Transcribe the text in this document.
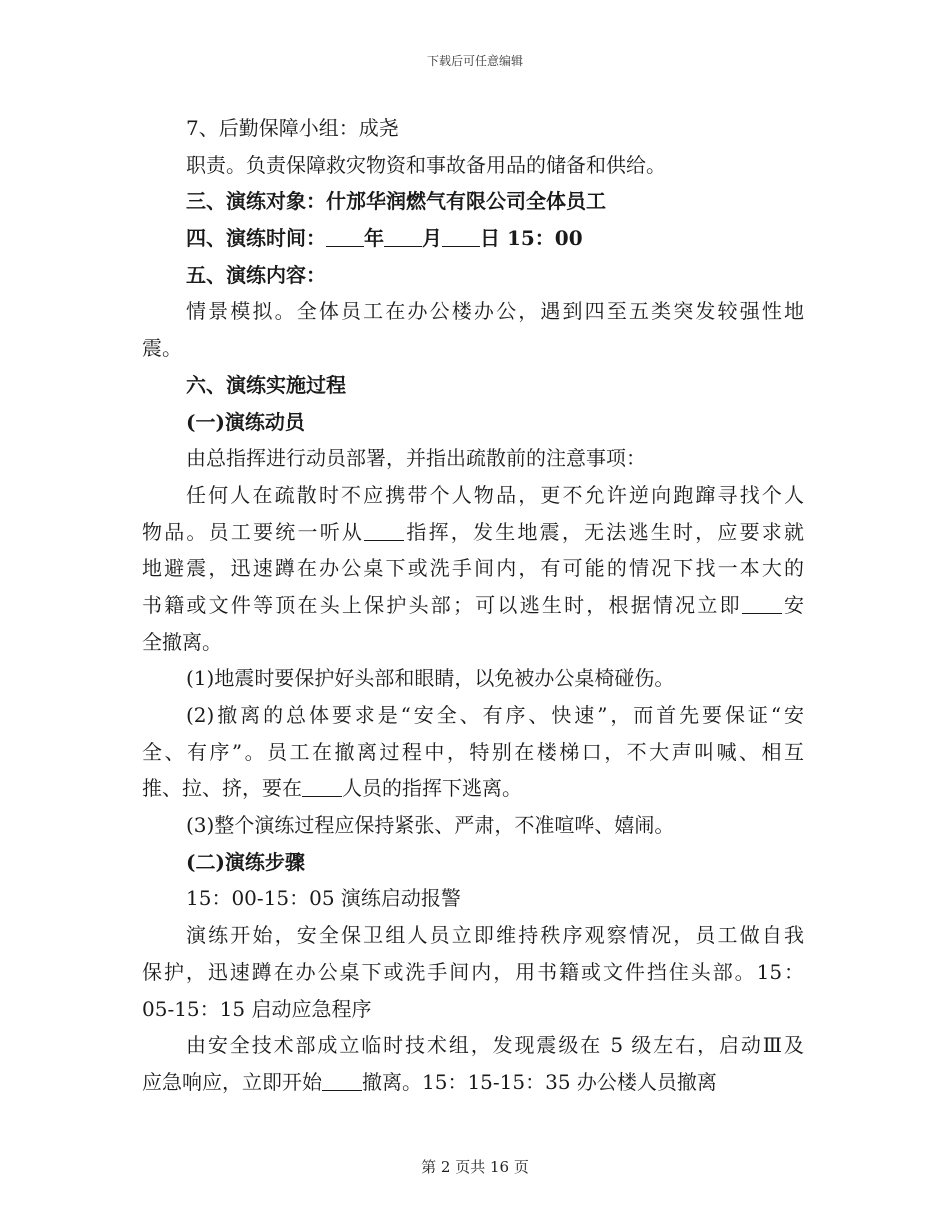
下载后可任意编辑
7、后勤保障小组：成尧
职责。负责保障救灾物资和事故备用品的储备和供给。
三、演练对象：什邡华润燃气有限公司全体员工
四、演练时间： 年 月 日 15：00
五、演练内容：
情景模拟。全体员工在办公楼办公，遇到四至五类突发较强性地
震。
六、演练实施过程
(一)演练动员
由总指挥进行动员部署，并指出疏散前的注意事项：
任何人在疏散时不应携带个人物品，更不允许逆向跑蹿寻找个人
物品。员工要统一听从 指挥，发生地震，无法逃生时，应要求就
地避震，迅速蹲在办公桌下或洗手间内，有可能的情况下找一本大的
书籍或文件等顶在头上保护头部；可以逃生时，根据情况立即 安
全撤离。
(1)地震时要保护好头部和眼睛，以免被办公桌椅碰伤。
(2)撤离的总体要求是“安全、有序、快速”，而首先要保证“安
全、有序”。员工在撤离过程中，特别在楼梯口，不大声叫喊、相互
推、拉、挤，要在 人员的指挥下逃离。
(3)整个演练过程应保持紧张、严肃，不准喧哗、嬉闹。
(二)演练步骤
15：00-15：05 演练启动报警
演练开始，安全保卫组人员立即维持秩序观察情况，员工做自我
保护，迅速蹲在办公桌下或洗手间内，用书籍或文件挡住头部。15：
05-15：15 启动应急程序
由安全技术部成立临时技术组，发现震级在 5 级左右，启动Ⅲ及
应急响应，立即开始 撤离。15：15-15：35 办公楼人员撤离
第 2 页共 16 页
